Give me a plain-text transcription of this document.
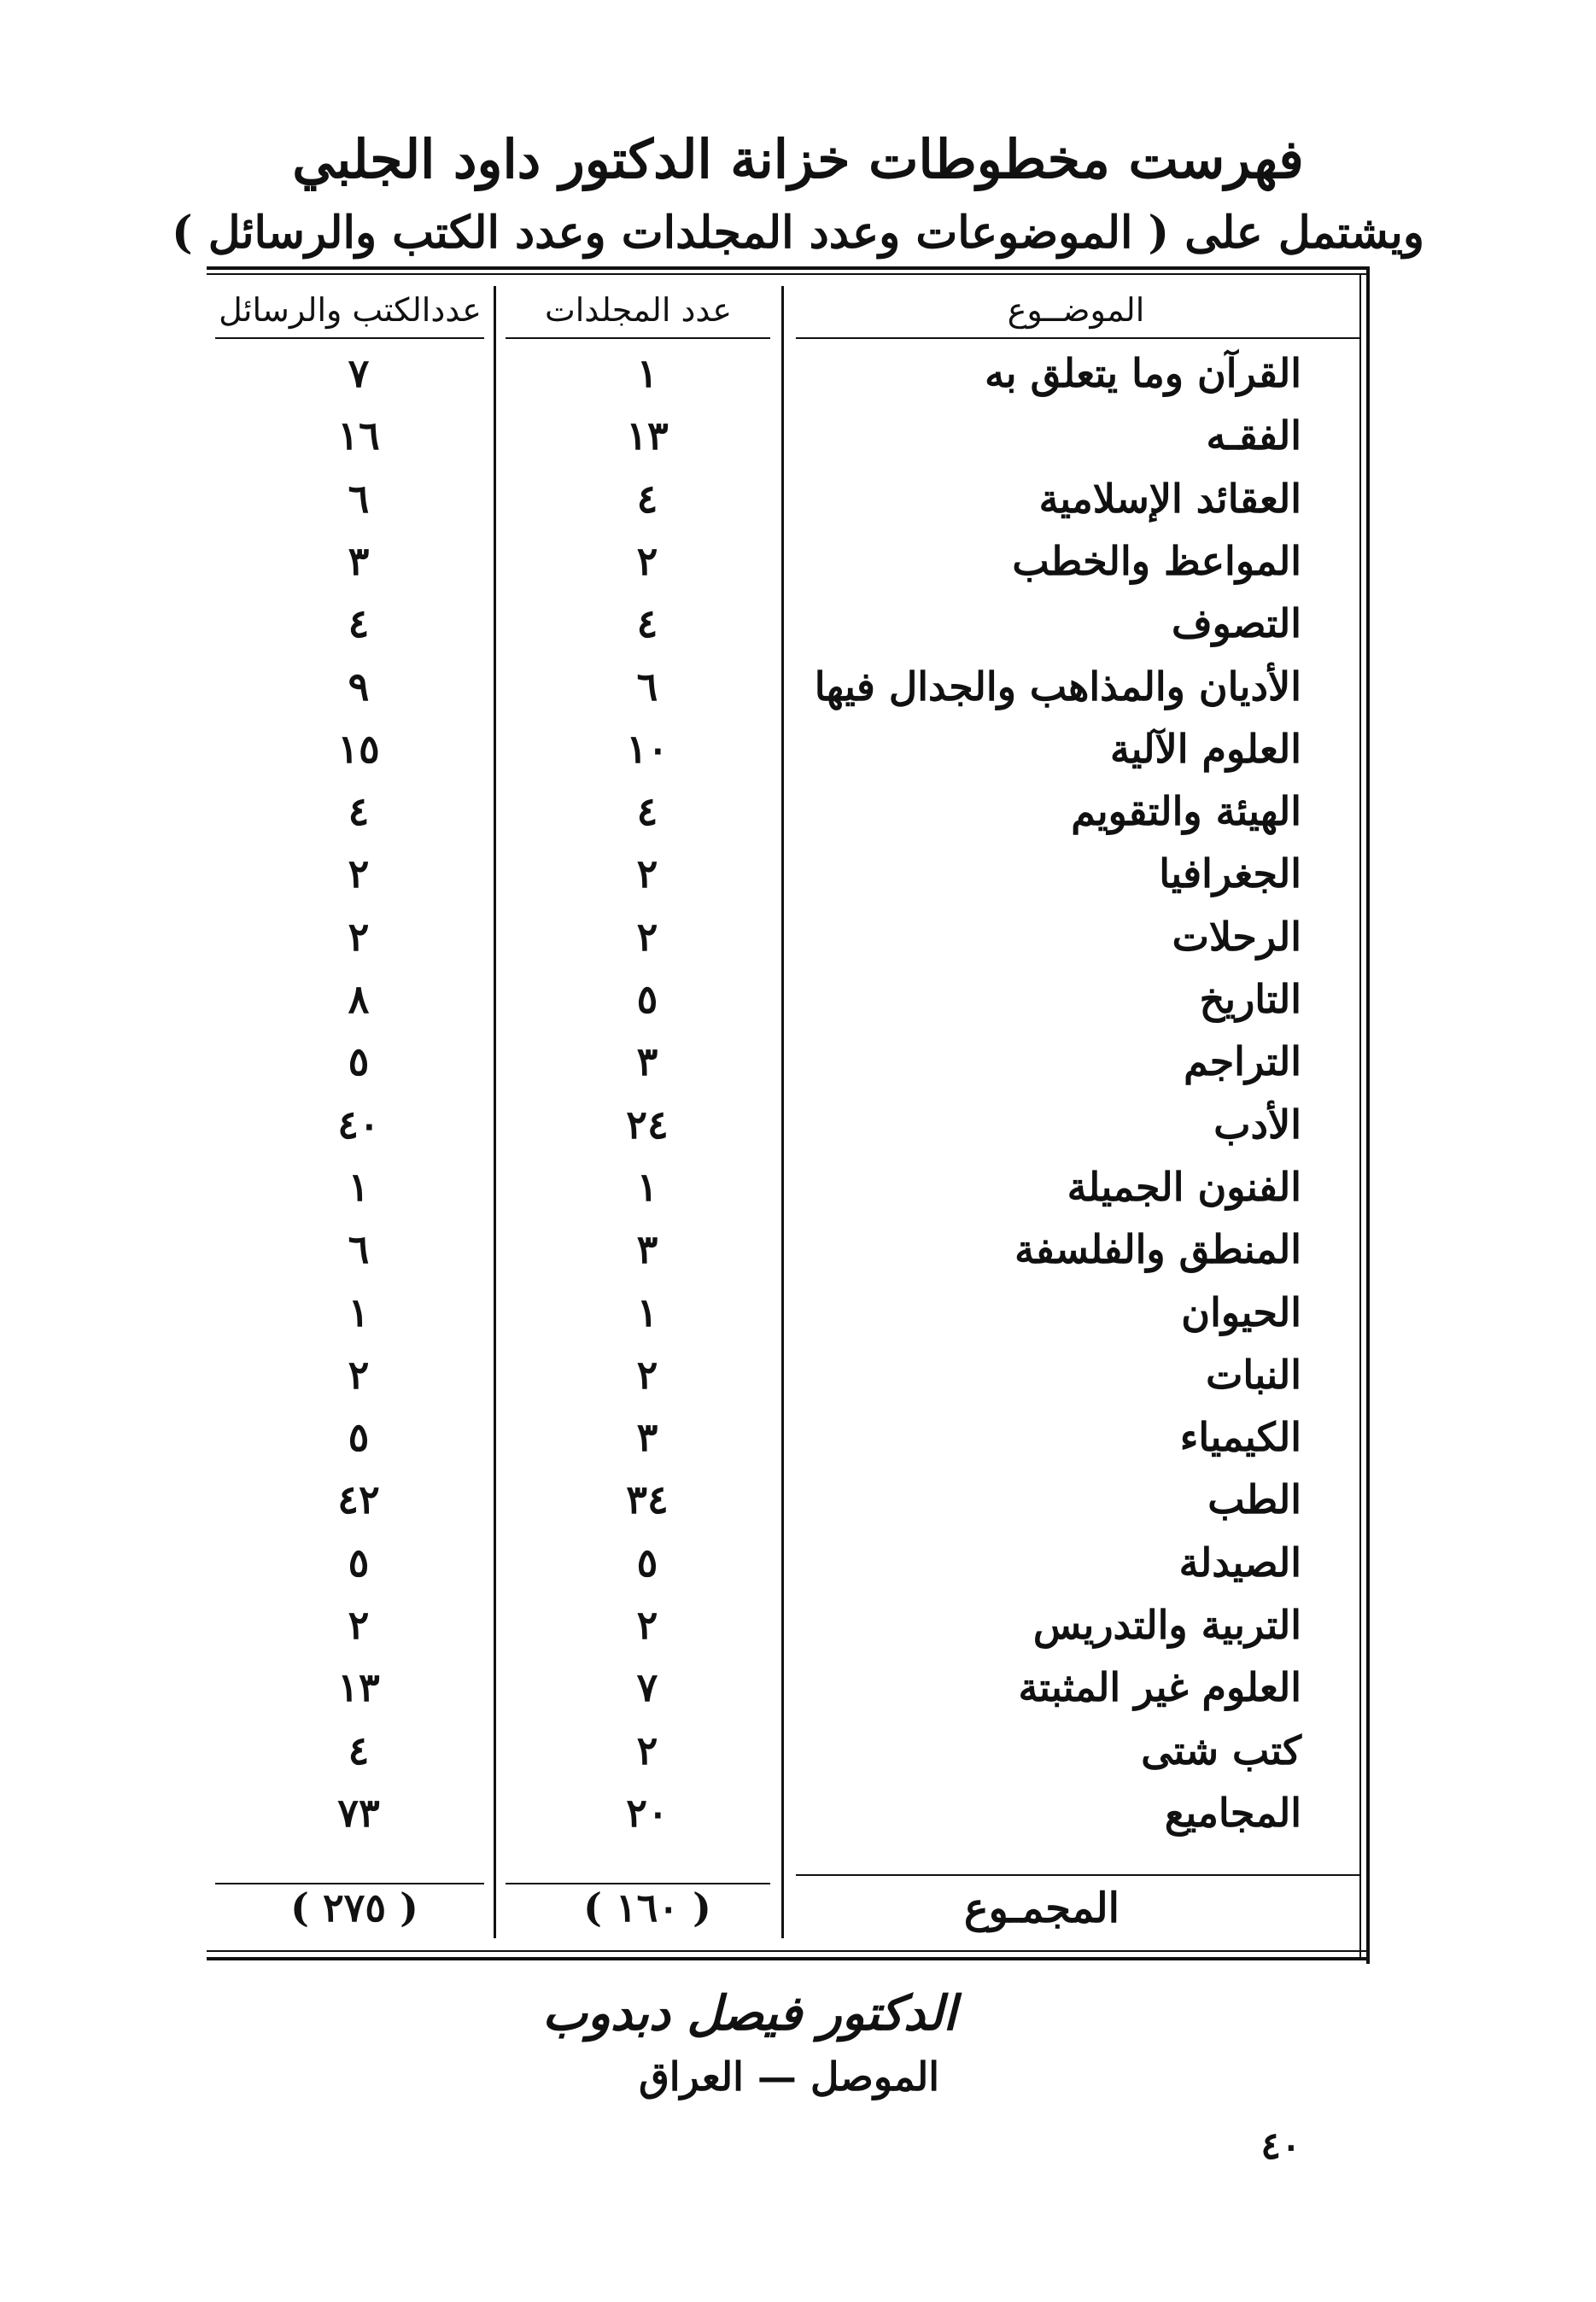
فهرست مخطوطات خزانة الدكتور داود الجلبي
ويشتمل على ( الموضوعات وعدد المجلدات وعدد الكتب والرسائل )
الموضــوع
عدد المجلدات
عددالكتب والرسائل
القرآن وما يتعلق به
١
٧
الفقـه
١٣
١٦
العقائد الإسلامية
٤
٦
المواعظ والخطب
٢
٣
التصوف
٤
٤
الأديان والمذاهب والجدال فيها
٦
٩
العلوم الآلية
١٠
١٥
الهيئة والتقويم
٤
٤
الجغرافيا
٢
٢
الرحلات
٢
٢
التاريخ
٥
٨
التراجم
٣
٥
الأدب
٢٤
٤٠
الفنون الجميلة
١
١
المنطق والفلسفة
٣
٦
الحيوان
١
١
النبات
٢
٢
الكيمياء
٣
٥
الطب
٣٤
٤٢
الصيدلة
٥
٥
التربية والتدريس
٢
٢
العلوم غير المثبتة
٧
١٣
كتب شتى
٢
٤
المجاميع
٢٠
٧٣
المجمـوع
( ١٦٠ )
( ٢٧٥ )
الدكتور فيصل دبدوب
الموصل — العراق
٤٠
